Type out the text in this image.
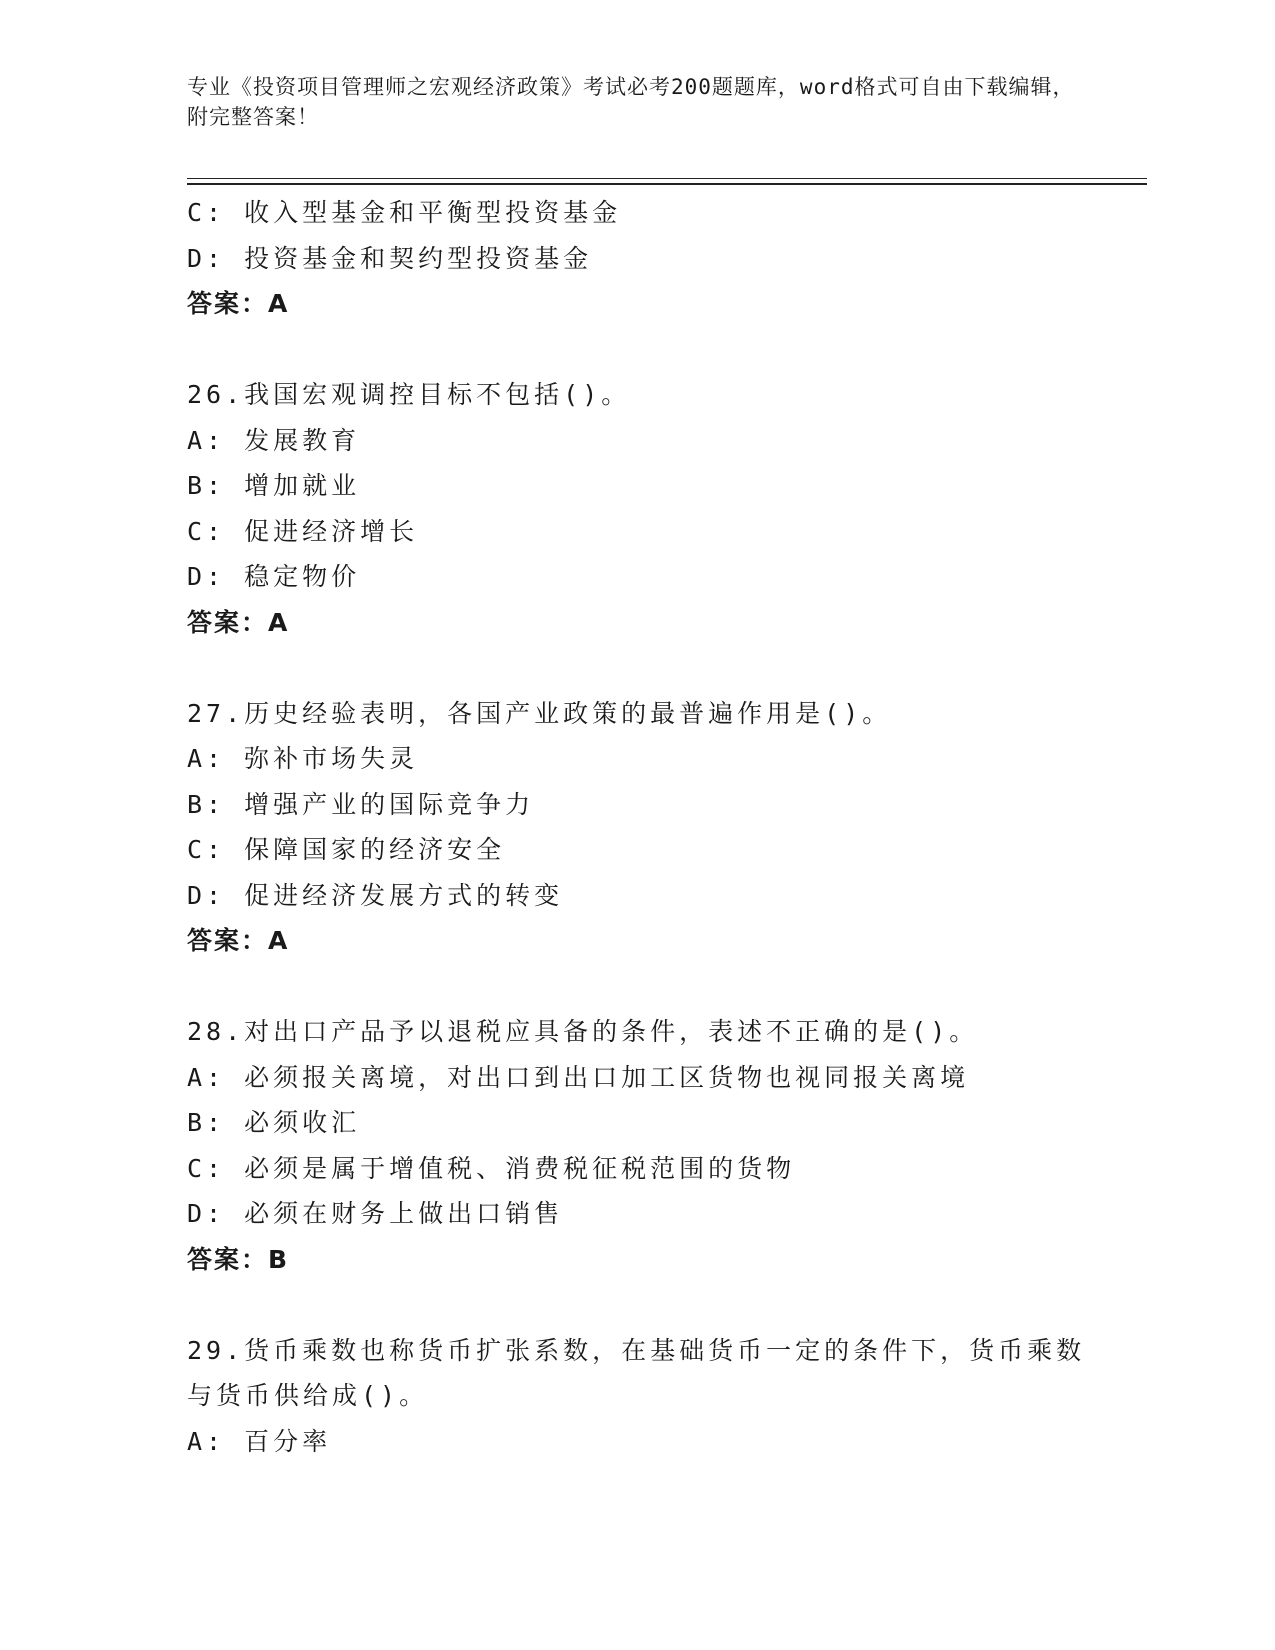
专业《投资项目管理师之宏观经济政策》考试必考200题题库，word格式可自由下载编辑，附完整答案！
C: 收入型基金和平衡型投资基金
D: 投资基金和契约型投资基金
答案：A
26.我国宏观调控目标不包括()。
A: 发展教育
B: 增加就业
C: 促进经济增长
D: 稳定物价
答案：A
27.历史经验表明，各国产业政策的最普遍作用是()。
A: 弥补市场失灵
B: 增强产业的国际竞争力
C: 保障国家的经济安全
D: 促进经济发展方式的转变
答案：A
28.对出口产品予以退税应具备的条件，表述不正确的是()。
A: 必须报关离境，对出口到出口加工区货物也视同报关离境
B: 必须收汇
C: 必须是属于增值税、消费税征税范围的货物
D: 必须在财务上做出口销售
答案：B
29.货币乘数也称货币扩张系数，在基础货币一定的条件下，货币乘数
与货币供给成()。
A: 百分率
